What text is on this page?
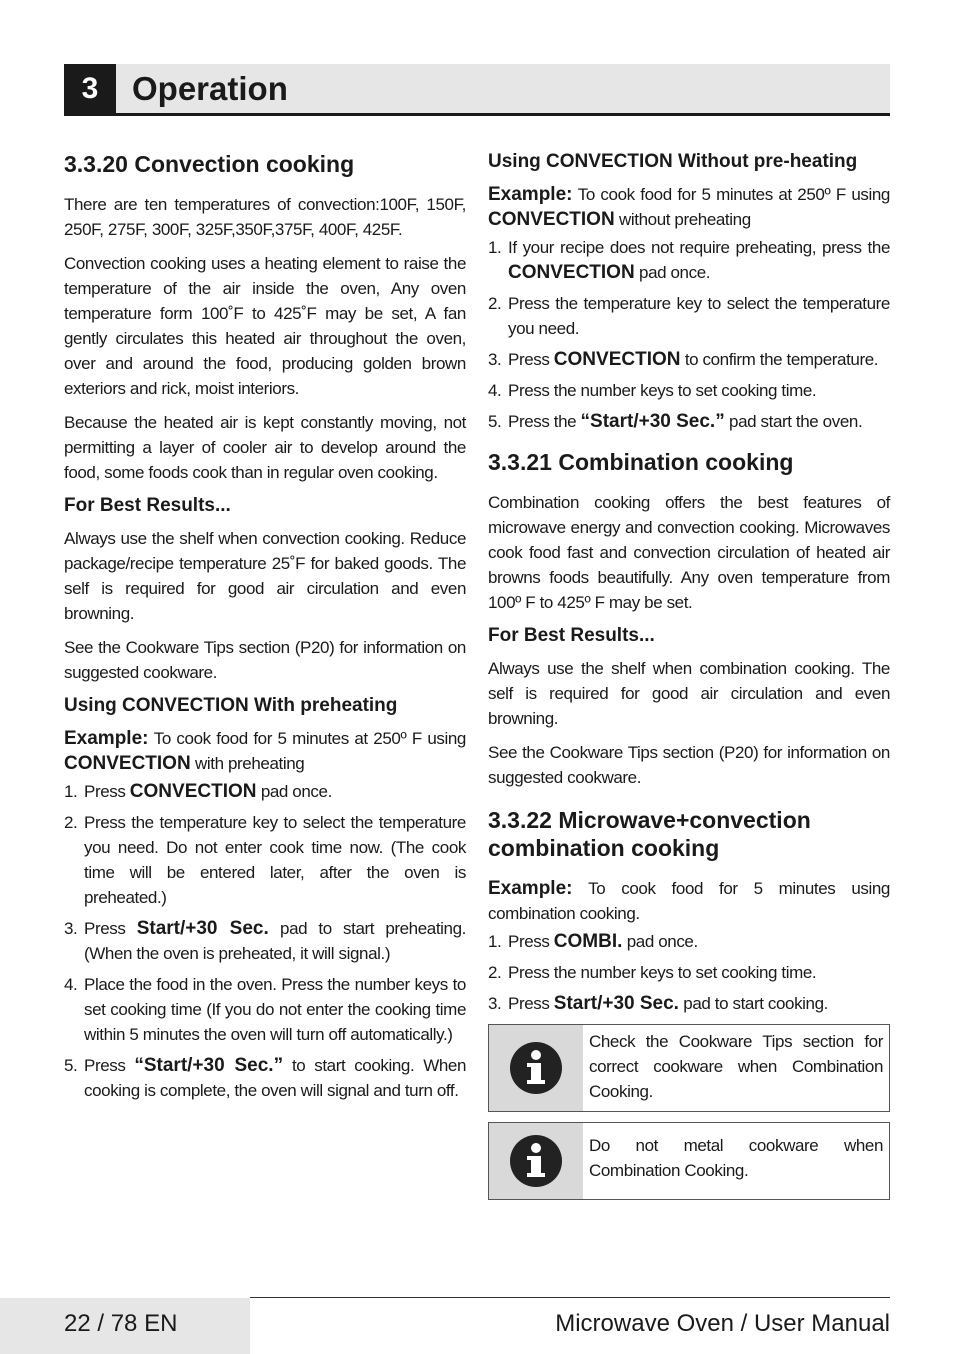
3	Operation
3.3.20 Convection cooking

There are ten temperatures of convection:100F, 150F, 250F, 275F, 300F, 325F,350F,375F, 400F, 425F.

Convection cooking uses a heating element to raise the temperature of the air inside the oven, Any oven temperature form 100˚F to 425˚F may be set, A fan gently circulates this heated air throughout the oven, over and around the food, producing golden brown exteriors and rick, moist interiors.

Because the heated air is kept constantly moving, not permitting a layer of cooler air to develop around the food, some foods cook than in regular oven cooking.

For Best Results...

Always use the shelf when convection cooking. Reduce package/recipe temperature 25˚F for baked goods. The self is required for good air circulation and even browning.

See the Cookware Tips section (P20) for information on suggested cookware.

Using CONVECTION With preheating

Example: To cook food for 5 minutes at 250º F using CONVECTION with preheating

1. Press CONVECTION pad once.
2. Press the temperature key to select the temperature you need. Do not enter cook time now. (The cook time will be entered later, after the oven is preheated.)
3. Press Start/+30 Sec. pad to start preheating. (When the oven is preheated, it will signal.)
4. Place the food in the oven. Press the number keys to set cooking time (If you do not enter the cooking time within 5 minutes the oven will turn off automatically.)
5. Press “Start/+30 Sec.” to start cooking. When cooking is complete, the oven will signal and turn off.
Using CONVECTION Without pre-heating

Example: To cook food for 5 minutes at 250º F using CONVECTION without preheating

1. If your recipe does not require preheating, press the CONVECTION pad once.
2. Press the temperature key to select the temperature you need.
3. Press CONVECTION to confirm the temperature.
4. Press the number keys to set cooking time.
5. Press the “Start/+30 Sec.” pad start the oven.
3.3.21 Combination cooking

Combination cooking offers the best features of microwave energy and convection cooking. Microwaves cook food fast and convection circulation of heated air browns foods beautifully. Any oven temperature from 100º F to 425º F may be set.

For Best Results...

Always use the shelf when combination cooking. The self is required for good air circulation and even browning.

See the Cookware Tips section (P20) for information on suggested cookware.

3.3.22 Microwave+convection combination cooking

Example: To cook food for 5 minutes using combination cooking.

1. Press COMBI. pad once.
2. Press the number keys to set cooking time.
3. Press Start/+30 Sec. pad to start cooking.
Check the Cookware Tips section for correct cookware when Combination Cooking.
Do not metal cookware when Combination Cooking.
22 / 78 EN	Microwave Oven / User Manual
